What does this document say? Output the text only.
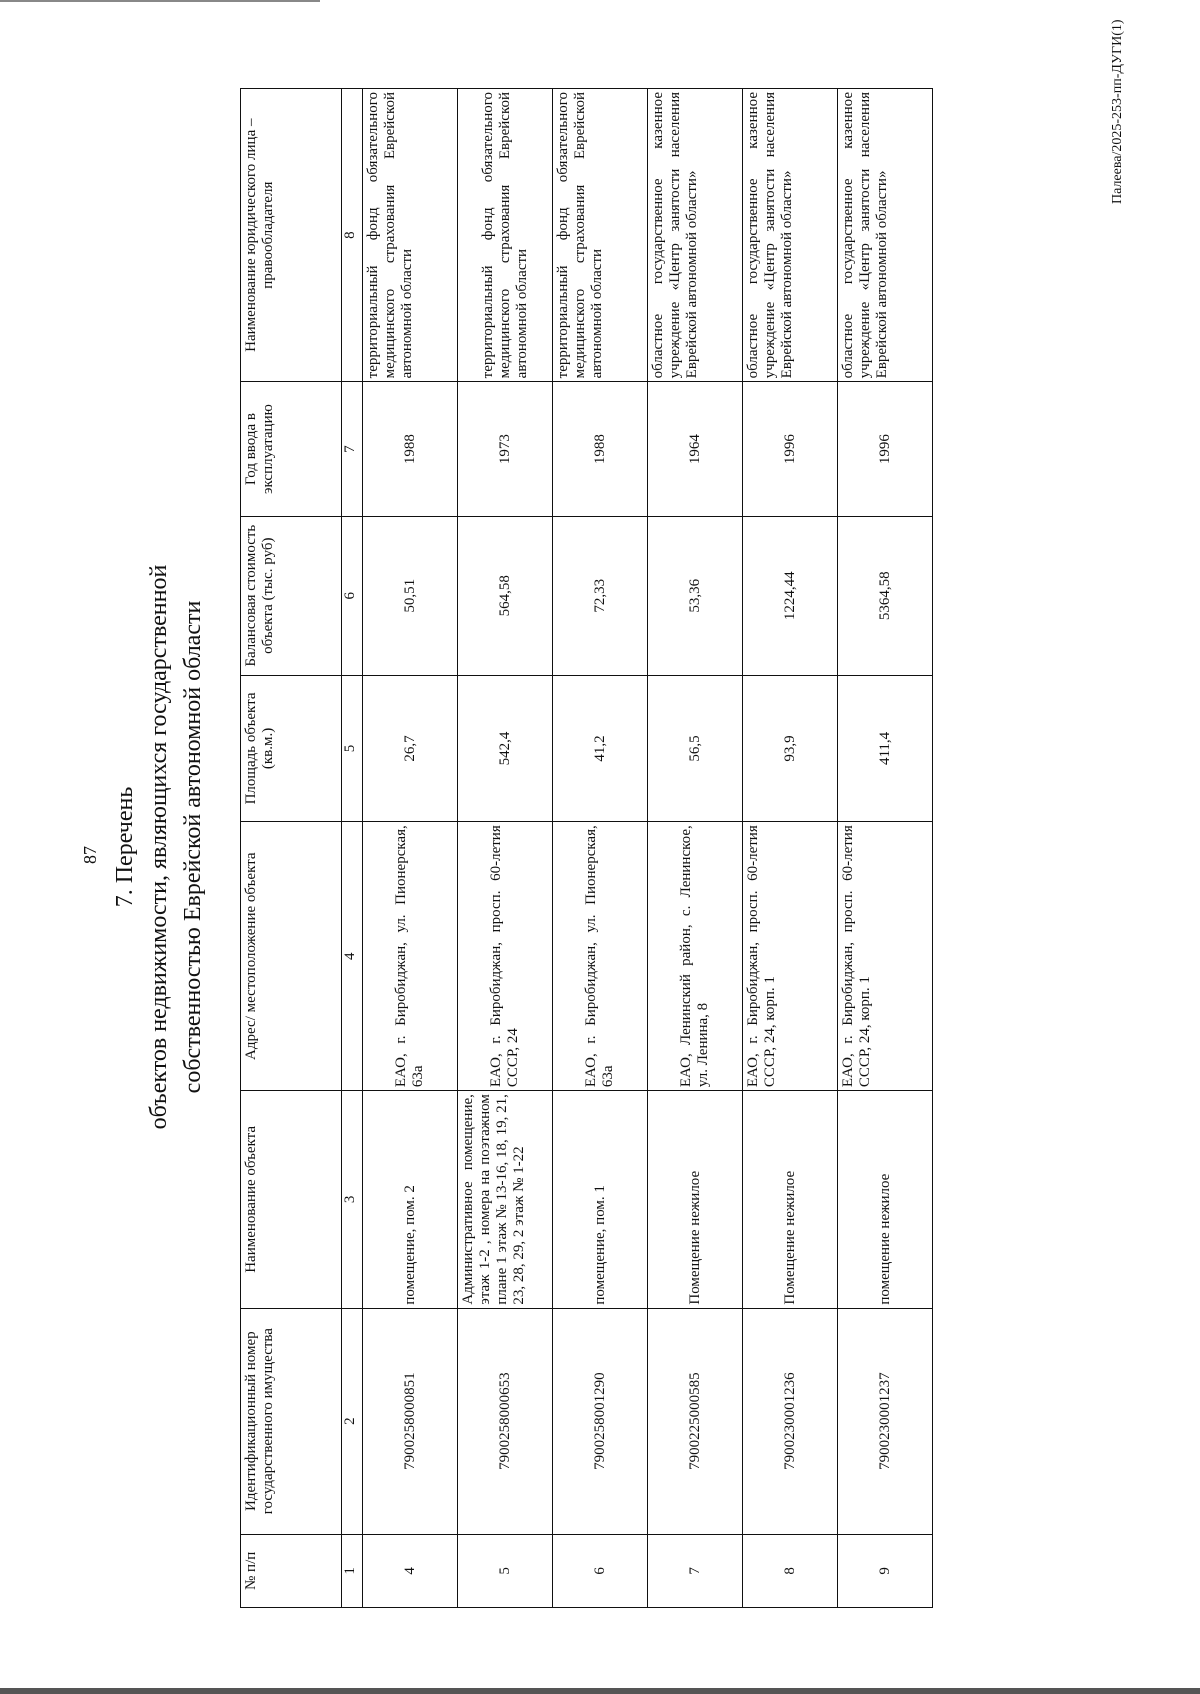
87 7. Перечень объектов недвижимости, являющихся государственной собственностью Еврейской автономной области
№ п/п	Идентификационный номер государственного имущества	Наименование объекта	Адрес/ местоположение объекта	Площадь объекта (кв.м.)	Балансовая стоимость объекта (тыс. руб)	Год ввода в эксплуатацию	Наименование юридического лица – правообладателя
1	2	3	4	5	6	7	8
4	7900258000851	помещение, пом. 2	ЕАО, г. Биробиджан, ул. Пионерская, 63а	26,7	50,51	1988	территориальный фонд обязательного медицинского страхования Еврейской автономной области
5	7900258000653	Административное помещение, этаж 1-2 , номера на поэтажном плане 1 этаж № 13-16, 18, 19, 21, 23, 28, 29, 2 этаж № 1-22	ЕАО, г. Биробиджан, просп. 60-летия СССР, 24	542,4	564,58	1973	территориальный фонд обязательного медицинского страхования Еврейской автономной области
6	7900258001290	помещение, пом. 1	ЕАО, г. Биробиджан, ул. Пионерская, 63а	41,2	72,33	1988	территориальный фонд обязательного медицинского страхования Еврейской автономной области
7	7900225000585	Помещение нежилое	ЕАО, Ленинский район, с. Ленинское, ул. Ленина, 8	56,5	53,36	1964	областное государственное казенное учреждение «Центр занятости населения Еврейской автономной области»
8	7900230001236	Помещение нежилое	ЕАО, г. Биробиджан, просп. 60-летия СССР, 24, корп. 1	93,9	1224,44	1996	областное государственное казенное учреждение «Центр занятости населения Еврейской автономной области»
9	7900230001237	помещение нежилое	ЕАО, г. Биробиджан, просп. 60-летия СССР, 24, корп. 1	411,4	5364,58	1996	областное государственное казенное учреждение «Центр занятости населения Еврейской автономной области»
Палеева/2025-253-пп-ДУГИ(1)
